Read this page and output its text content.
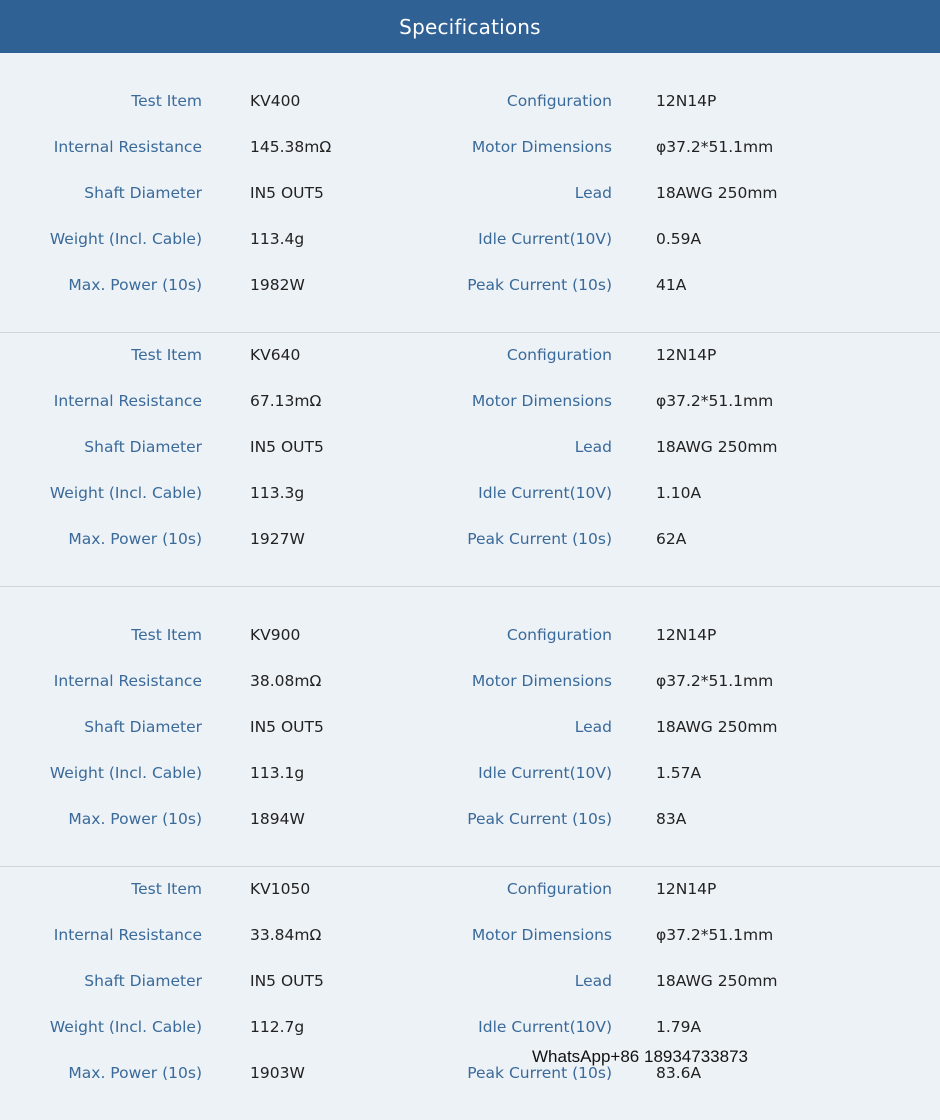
Specifications
Test Item	KV400	Configuration	12N14P
Internal Resistance	145.38mΩ	Motor Dimensions	φ37.2*51.1mm
Shaft Diameter	IN5 OUT5	Lead	18AWG 250mm
Weight (Incl. Cable)	113.4g	Idle Current(10V)	0.59A
Max. Power (10s)	1982W	Peak Current (10s)	41A
Test Item	KV640	Configuration	12N14P
Internal Resistance	67.13mΩ	Motor Dimensions	φ37.2*51.1mm
Shaft Diameter	IN5 OUT5	Lead	18AWG 250mm
Weight (Incl. Cable)	113.3g	Idle Current(10V)	1.10A
Max. Power (10s)	1927W	Peak Current (10s)	62A
Test Item	KV900	Configuration	12N14P
Internal Resistance	38.08mΩ	Motor Dimensions	φ37.2*51.1mm
Shaft Diameter	IN5 OUT5	Lead	18AWG 250mm
Weight (Incl. Cable)	113.1g	Idle Current(10V)	1.57A
Max. Power (10s)	1894W	Peak Current (10s)	83A
Test Item	KV1050	Configuration	12N14P
Internal Resistance	33.84mΩ	Motor Dimensions	φ37.2*51.1mm
Shaft Diameter	IN5 OUT5	Lead	18AWG 250mm
Weight (Incl. Cable)	112.7g	Idle Current(10V)	1.79A
Max. Power (10s)	1903W	Peak Current (10s)	83.6A
WhatsApp+86 18934733873
